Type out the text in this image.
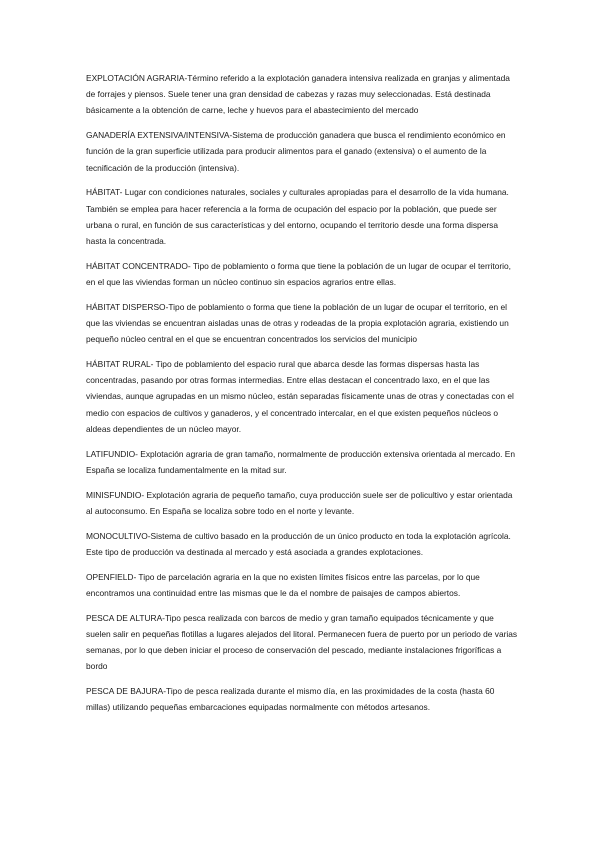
EXPLOTACIÓN AGRARIA-Término referido a la explotación ganadera intensiva realizada en granjas y alimentada de forrajes y piensos. Suele tener una gran densidad de cabezas y razas muy seleccionadas. Está destinada básicamente a la obtención de carne, leche y huevos para el abastecimiento del mercado

GANADERÍA EXTENSIVA/INTENSIVA-Sistema de producción ganadera que busca el rendimiento económico en función de la gran superficie utilizada para producir alimentos para el ganado (extensiva) o el aumento de la tecnificación de la producción (intensiva).

HÁBITAT- Lugar con condiciones naturales, sociales y culturales apropiadas para el desarrollo de la vida humana. También se emplea para hacer referencia a la forma de ocupación del espacio por la población, que puede ser urbana o rural, en función de sus características y del entorno, ocupando el territorio desde una forma dispersa hasta la concentrada.

HÁBITAT CONCENTRADO- Tipo de poblamiento o forma que tiene la población de un lugar de ocupar el territorio, en el que las viviendas forman un núcleo continuo sin espacios agrarios entre ellas.

HÁBITAT DISPERSO-Tipo de poblamiento o forma que tiene la población de un lugar de ocupar el territorio, en el que las viviendas se encuentran aisladas unas de otras y rodeadas de la propia explotación agraria, existiendo un pequeño núcleo central en el que se encuentran concentrados los servicios del municipio

HÁBITAT RURAL- Tipo de poblamiento del espacio rural que abarca desde las formas dispersas hasta las concentradas, pasando por otras formas intermedias. Entre ellas destacan el concentrado laxo, en el que las viviendas, aunque agrupadas en un mismo núcleo, están separadas físicamente unas de otras y conectadas con el medio con espacios de cultivos y ganaderos, y el concentrado intercalar, en el que existen pequeños núcleos o aldeas dependientes de un núcleo mayor.

LATIFUNDIO- Explotación agraria de gran tamaño, normalmente de producción extensiva orientada al mercado. En España se localiza fundamentalmente en la mitad sur.

MINISFUNDIO- Explotación agraria de pequeño tamaño, cuya producción suele ser de policultivo y estar orientada al autoconsumo. En España se localiza sobre todo en el norte y levante.

MONOCULTIVO-Sistema de cultivo basado en la producción de un único producto en toda la explotación agrícola. Este tipo de producción va destinada al mercado y está asociada a grandes explotaciones.

OPENFIELD- Tipo de parcelación agraria en la que no existen límites físicos entre las parcelas, por lo que encontramos una continuidad entre las mismas que le da el nombre de paisajes de campos abiertos.

PESCA DE ALTURA-Tipo pesca realizada con barcos de medio y gran tamaño equipados técnicamente y que suelen salir en pequeñas flotillas a lugares alejados del litoral. Permanecen fuera de puerto por un periodo de varias semanas, por lo que deben iniciar el proceso de conservación del pescado, mediante instalaciones frigoríficas a bordo

PESCA DE BAJURA-Tipo de pesca realizada durante el mismo día, en las proximidades de la costa (hasta 60 millas) utilizando pequeñas embarcaciones equipadas normalmente con métodos artesanos.
